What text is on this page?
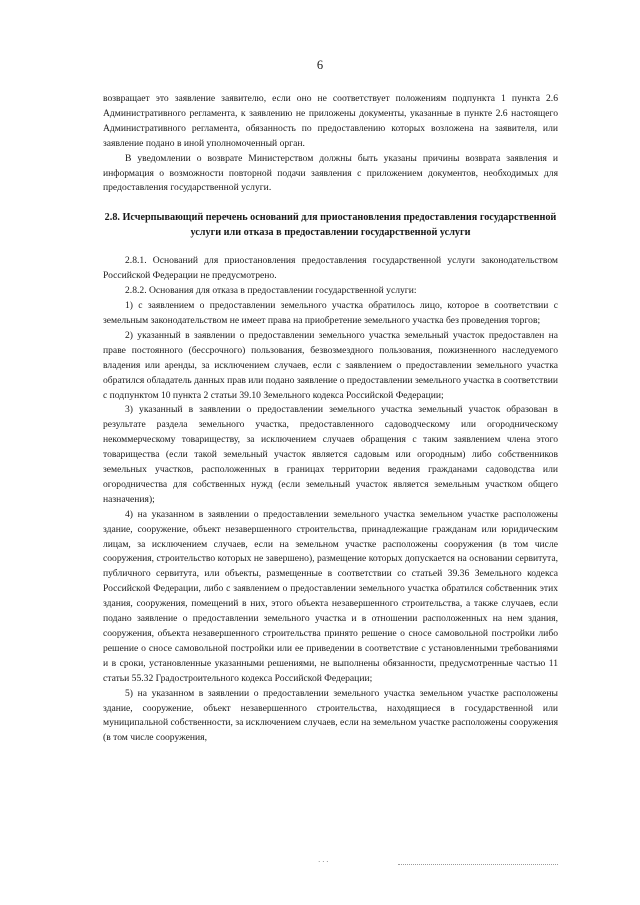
6

возвращает это заявление заявителю, если оно не соответствует положениям подпункта 1 пункта 2.6 Административного регламента, к заявлению не приложены документы, указанные в пункте 2.6 настоящего Административного регламента, обязанность по предоставлению которых возложена на заявителя, или заявление подано в иной уполномоченный орган.

В уведомлении о возврате Министерством должны быть указаны причины возврата заявления и информация о возможности повторной подачи заявления с приложением документов, необходимых для предоставления государственной услуги.

2.8. Исчерпывающий перечень оснований для приостановления предоставления государственной услуги или отказа в предоставлении государственной услуги

2.8.1. Оснований для приостановления предоставления государственной услуги законодательством Российской Федерации не предусмотрено.

2.8.2. Основания для отказа в предоставлении государственной услуги:

1) с заявлением о предоставлении земельного участка обратилось лицо, которое в соответствии с земельным законодательством не имеет права на приобретение земельного участка без проведения торгов;

2) указанный в заявлении о предоставлении земельного участка земельный участок предоставлен на праве постоянного (бессрочного) пользования, безвозмездного пользования, пожизненного наследуемого владения или аренды, за исключением случаев, если с заявлением о предоставлении земельного участка обратился обладатель данных прав или подано заявление о предоставлении земельного участка в соответствии с подпунктом 10 пункта 2 статьи 39.10 Земельного кодекса Российской Федерации;

3) указанный в заявлении о предоставлении земельного участка земельный участок образован в результате раздела земельного участка, предоставленного садоводческому или огородническому некоммерческому товариществу, за исключением случаев обращения с таким заявлением члена этого товарищества (если такой земельный участок является садовым или огородным) либо собственников земельных участков, расположенных в границах территории ведения гражданами садоводства или огородничества для собственных нужд (если земельный участок является земельным участком общего назначения);

4) на указанном в заявлении о предоставлении земельного участка земельном участке расположены здание, сооружение, объект незавершенного строительства, принадлежащие гражданам или юридическим лицам, за исключением случаев, если на земельном участке расположены сооружения (в том числе сооружения, строительство которых не завершено), размещение которых допускается на основании сервитута, публичного сервитута, или объекты, размещенные в соответствии со статьей 39.36 Земельного кодекса Российской Федерации, либо с заявлением о предоставлении земельного участка обратился собственник этих здания, сооружения, помещений в них, этого объекта незавершенного строительства, а также случаев, если подано заявление о предоставлении земельного участка и в отношении расположенных на нем здания, сооружения, объекта незавершенного строительства принято решение о сносе самовольной постройки либо решение о сносе самовольной постройки или ее приведении в соответствие с установленными требованиями и в сроки, установленные указанными решениями, не выполнены обязанности, предусмотренные частью 11 статьи 55.32 Градостроительного кодекса Российской Федерации;

5) на указанном в заявлении о предоставлении земельного участка земельном участке расположены здание, сооружение, объект незавершенного строительства, находящиеся в государственной или муниципальной собственности, за исключением случаев, если на земельном участке расположены сооружения (в том числе сооружения,

· · ·
